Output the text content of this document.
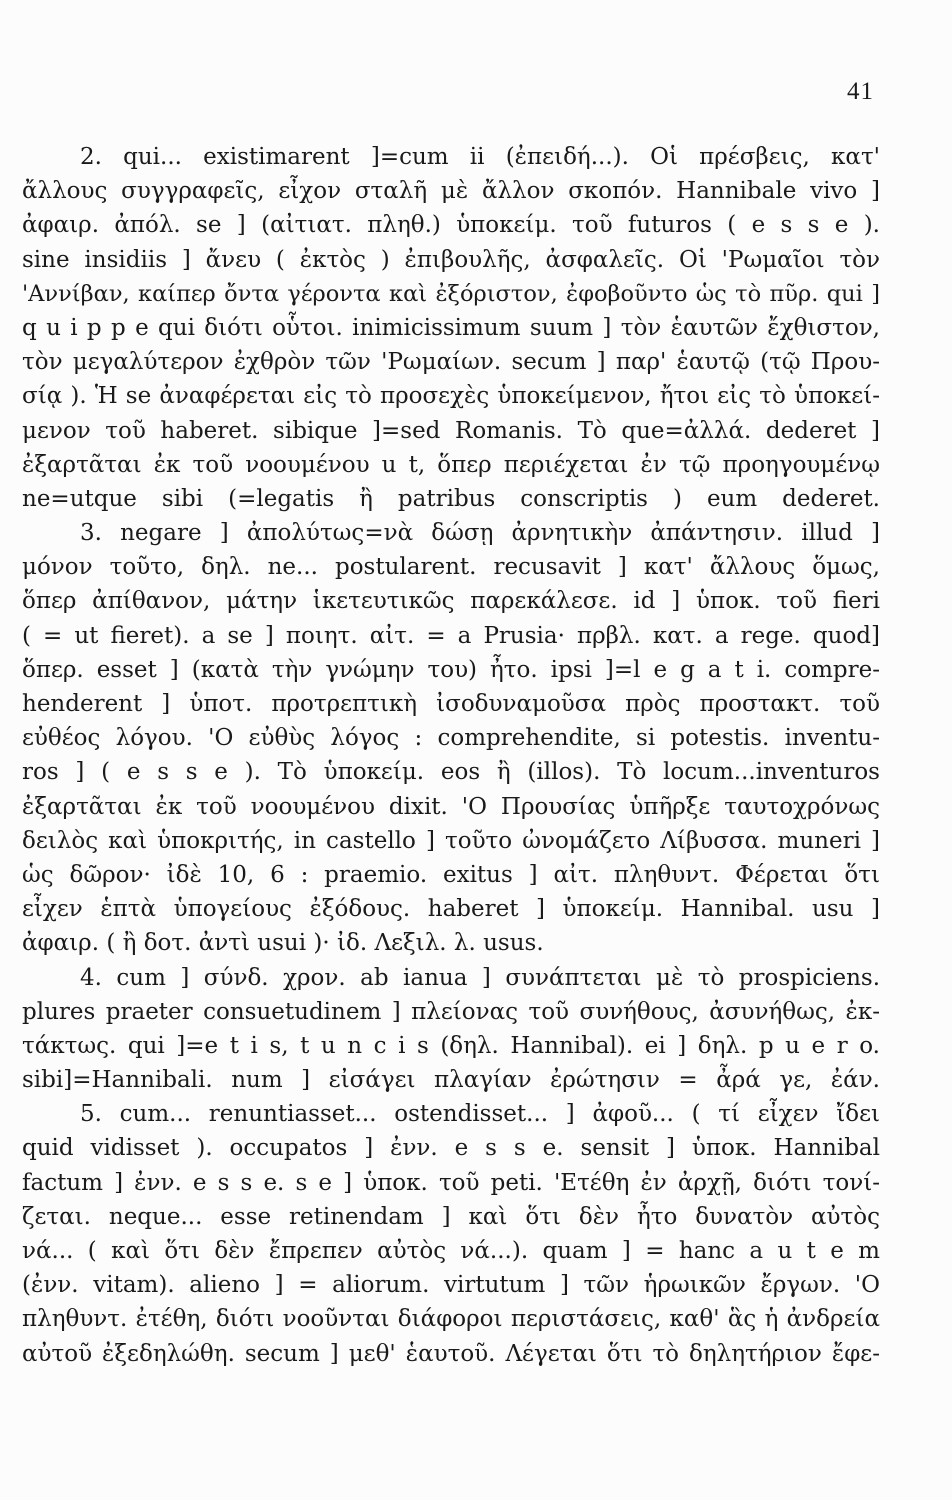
41
2. qui... existimarent ]=cum ii (ἐπειδή...). Οἱ πρέσβεις, κατ'
ἄλλους συγγραφεῖς, εἶχον σταλῆ μὲ ἄλλον σκοπόν. Hannibale vivo ]
ἀφαιρ. ἀπόλ. se ] (αἰτιατ. πληθ.) ὑποκείμ. τοῦ futuros ( e s s e ).
sine insidiis ] ἄνευ ( ἐκτὸς ) ἐπιβουλῆς, ἀσφαλεῖς. Οἱ 'Ρωμαῖοι τὸν
'Αννίβαν, καίπερ ὄντα γέροντα καὶ ἐξόριστον, ἐφοβοῦντο ὡς τὸ πῦρ. qui ]
q u i p p e qui διότι οὗτοι. inimicissimum suum ] τὸν ἑαυτῶν ἔχθιστον,
τὸν μεγαλύτερον ἐχθρὸν τῶν 'Ρωμαίων. secum ] παρ' ἑαυτῷ (τῷ Πρου-
σίᾳ ). Ἡ se ἀναφέρεται εἰς τὸ προσεχὲς ὑποκείμενον, ἤτοι εἰς τὸ ὑποκεί-
μενον τοῦ haberet. sibique ]=sed Romanis. Τὸ que=ἀλλά. dederet ]
ἐξαρτᾶται ἐκ τοῦ νοουμένου u t, ὅπερ περιέχεται ἐν τῷ προηγουμένῳ
ne=utque sibi (=legatis ἢ patribus conscriptis ) eum dederet.
3. negare ] ἀπολύτως=νὰ δώσῃ ἀρνητικὴν ἀπάντησιν. illud ]
μόνον τοῦτο, δηλ. ne... postularent. recusavit ] κατ' ἄλλους ὅμως,
ὅπερ ἀπίθανον, μάτην ἱκετευτικῶς παρεκάλεσε. id ] ὑποκ. τοῦ fieri
( = ut fieret). a se ] ποιητ. αἰτ. = a Prusia· πρβλ. κατ. a rege. quod]
ὅπερ. esset ] (κατὰ τὴν γνώμην του) ἦτο. ipsi ]=l e g a t i. compre-
henderent ] ὑποτ. προτρεπτικὴ ἰσοδυναμοῦσα πρὸς προστακτ. τοῦ
εὐθέος λόγου. 'Ο εὐθὺς λόγος : comprehendite, si potestis. inventu-
ros ] ( e s s e ). Τὸ ὑποκείμ. eos ἢ (illos). Τὸ locum...inventuros
ἐξαρτᾶται ἐκ τοῦ νοουμένου dixit. 'Ο Προυσίας ὑπῆρξε ταυτοχρόνως
δειλὸς καὶ ὑποκριτής, in castello ] τοῦτο ὠνομάζετο Λίβυσσα. muneri ]
ὡς δῶρον· ἰδὲ 10, 6 : praemio. exitus ] αἰτ. πληθυντ. Φέρεται ὅτι
εἶχεν ἑπτὰ ὑπογείους ἐξόδους. haberet ] ὑποκείμ. Hannibal. usu ]
ἀφαιρ. ( ἢ δοτ. ἀντὶ usui )· ἰδ. Λεξιλ. λ. usus.
4. cum ] σύνδ. χρον. ab ianua ] συνάπτεται μὲ τὸ prospiciens.
plures praeter consuetudinem ] πλείονας τοῦ συνήθους, ἀσυνήθως, ἐκ-
τάκτως. qui ]=e t i s, t u n c i s (δηλ. Hannibal). ei ] δηλ. p u e r o.
sibi]=Hannibali. num ] εἰσάγει πλαγίαν ἐρώτησιν = ἆρά γε, ἐάν.
5. cum... renuntiasset... ostendisset... ] ἀφοῦ... ( τί εἶχεν ἴδει
quid vidisset ). occupatos ] ἐνν. e s s e. sensit ] ὑποκ. Hannibal
factum ] ἐνν. e s s e. s e ] ὑποκ. τοῦ peti. 'Ετέθη ἐν ἀρχῇ, διότι τονί-
ζεται. neque... esse retinendam ] καὶ ὅτι δὲν ἦτο δυνατὸν αὐτὸς
νά... ( καὶ ὅτι δὲν ἔπρεπεν αὐτὸς νά...). quam ] = hanc a u t e m
(ἐνν. vitam). alieno ] = aliorum. virtutum ] τῶν ἡρωικῶν ἔργων. 'Ο
πληθυντ. ἐτέθη, διότι νοοῦνται διάφοροι περιστάσεις, καθ' ἃς ἡ ἀνδρεία
αὐτοῦ ἐξεδηλώθη. secum ] μεθ' ἑαυτοῦ. Λέγεται ὅτι τὸ δηλητήριον ἔφε-
